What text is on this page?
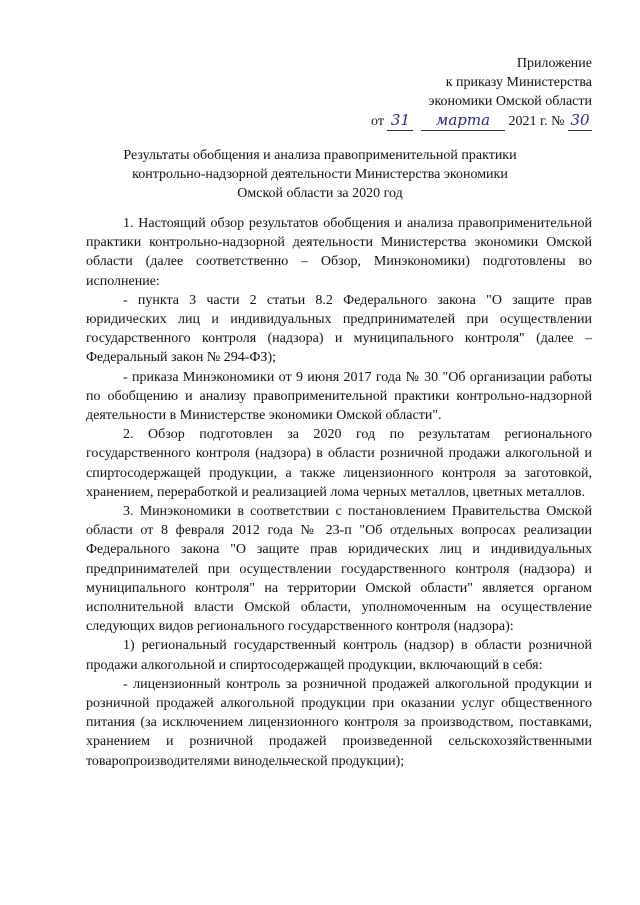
Приложение
к приказу Министерства
экономики Омской области
от 31 марта 2021 г. № 30
Результаты обобщения и анализа правоприменительной практики
контрольно-надзорной деятельности Министерства экономики
Омской области за 2020 год

1. Настоящий обзор результатов обобщения и анализа правоприменительной практики контрольно-надзорной деятельности Министерства экономики Омской области (далее соответственно – Обзор, Минэкономики) подготовлены во исполнение:

- пункта 3 части 2 статьи 8.2 Федерального закона "О защите прав юридических лиц и индивидуальных предпринимателей при осуществлении государственного контроля (надзора) и муниципального контроля" (далее – Федеральный закон № 294-ФЗ);

- приказа Минэкономики от 9 июня 2017 года № 30 "Об организации работы по обобщению и анализу правоприменительной практики контрольно-надзорной деятельности в Министерстве экономики Омской области".

2. Обзор подготовлен за 2020 год по результатам регионального государственного контроля (надзора) в области розничной продажи алкогольной и спиртосодержащей продукции, а также лицензионного контроля за заготовкой, хранением, переработкой и реализацией лома черных металлов, цветных металлов.

3. Минэкономики в соответствии с постановлением Правительства Омской области от 8 февраля 2012 года № 23-п "Об отдельных вопросах реализации Федерального закона "О защите прав юридических лиц и индивидуальных предпринимателей при осуществлении государственного контроля (надзора) и муниципального контроля" на территории Омской области" является органом исполнительной власти Омской области, уполномоченным на осуществление следующих видов регионального государственного контроля (надзора):

1) региональный государственный контроль (надзор) в области розничной продажи алкогольной и спиртосодержащей продукции, включающий в себя:

- лицензионный контроль за розничной продажей алкогольной продукции и розничной продажей алкогольной продукции при оказании услуг общественного питания (за исключением лицензионного контроля за производством, поставками, хранением и розничной продажей произведенной сельскохозяйственными товаропроизводителями винодельческой продукции);
